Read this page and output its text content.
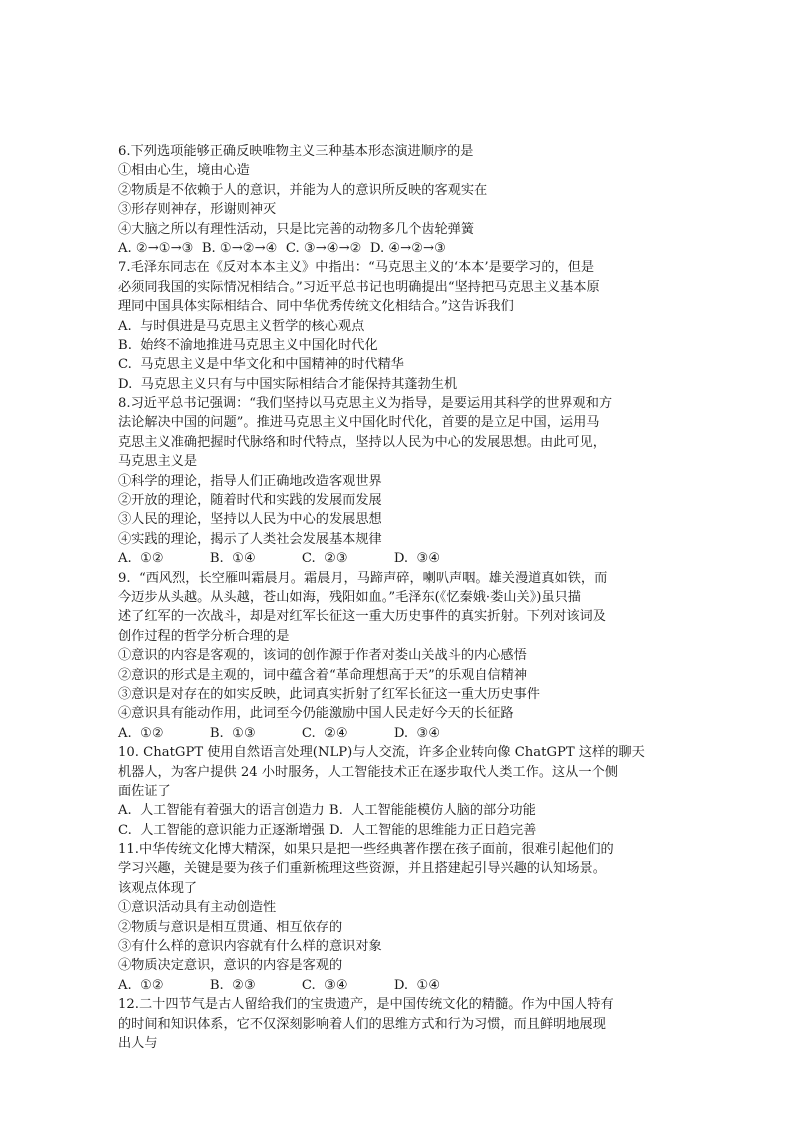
6.下列选项能够正确反映唯物主义三种基本形态演进顺序的是
①相由心生，境由心造
②物质是不依赖于人的意识，并能为人的意识所反映的客观实在
③形存则神存，形谢则神灭
④大脑之所以有理性活动，只是比完善的动物多几个齿轮弹簧
A. ②→①→③  B. ①→②→④  C. ③→④→②  D. ④→②→③
7.毛泽东同志在《反对本本主义》中指出：“马克思主义的‘本本’是要学习的，但是
必须同我国的实际情况相结合。”习近平总书记也明确提出“坚持把马克思主义基本原
理同中国具体实际相结合、同中华优秀传统文化相结合。”这告诉我们
A.  与时俱进是马克思主义哲学的核心观点
B.  始终不渝地推进马克思主义中国化时代化
C.  马克思主义是中华文化和中国精神的时代精华
D.  马克思主义只有与中国实际相结合才能保持其蓬勃生机
8.习近平总书记强调：“我们坚持以马克思主义为指导，是要运用其科学的世界观和方
法论解决中国的问题”。推进马克思主义中国化时代化，首要的是立足中国，运用马
克思主义准确把握时代脉络和时代特点，坚持以人民为中心的发展思想。由此可见，
马克思主义是
①科学的理论，指导人们正确地改造客观世界
②开放的理论，随着时代和实践的发展而发展
③人民的理论，坚持以人民为中心的发展思想
④实践的理论，揭示了人类社会发展基本规律
A.  ①②           B.  ①④           C.  ②③           D.  ③④
9.  “西风烈，长空雁叫霜晨月。霜晨月，马蹄声碎，喇叭声咽。雄关漫道真如铁，而
今迈步从头越。从头越，苍山如海，残阳如血。”毛泽东(《忆秦娥·娄山关》)虽只描
述了红军的一次战斗，却是对红军长征这一重大历史事件的真实折射。下列对该词及
创作过程的哲学分析合理的是
①意识的内容是客观的，该词的创作源于作者对娄山关战斗的内心感悟
②意识的形式是主观的，词中蕴含着“革命理想高于天”的乐观自信精神
③意识是对存在的如实反映，此词真实折射了红军长征这一重大历史事件
④意识具有能动作用，此词至今仍能激励中国人民走好今天的长征路
A.  ①②           B.  ①③           C.  ②④           D.  ③④
10. ChatGPT 使用自然语言处理(NLP)与人交流，许多企业转向像 ChatGPT 这样的聊天
机器人，为客户提供 24 小时服务，人工智能技术正在逐步取代人类工作。这从一个侧
面佐证了
A.  人工智能有着强大的语言创造力 B.  人工智能能模仿人脑的部分功能
C.  人工智能的意识能力正逐渐增强 D.  人工智能的思维能力正日趋完善
11.中华传统文化博大精深，如果只是把一些经典著作摆在孩子面前，很难引起他们的
学习兴趣，关键是要为孩子们重新梳理这些资源，并且搭建起引导兴趣的认知场景。
该观点体现了
①意识活动具有主动创造性
②物质与意识是相互贯通、相互依存的
③有什么样的意识内容就有什么样的意识对象
④物质决定意识，意识的内容是客观的
A.  ①②           B.  ②③           C.  ③④           D.  ①④
12.二十四节气是古人留给我们的宝贵遗产，是中国传统文化的精髓。作为中国人特有
的时间和知识体系，它不仅深刻影响着人们的思维方式和行为习惯，而且鲜明地展现
出人与
